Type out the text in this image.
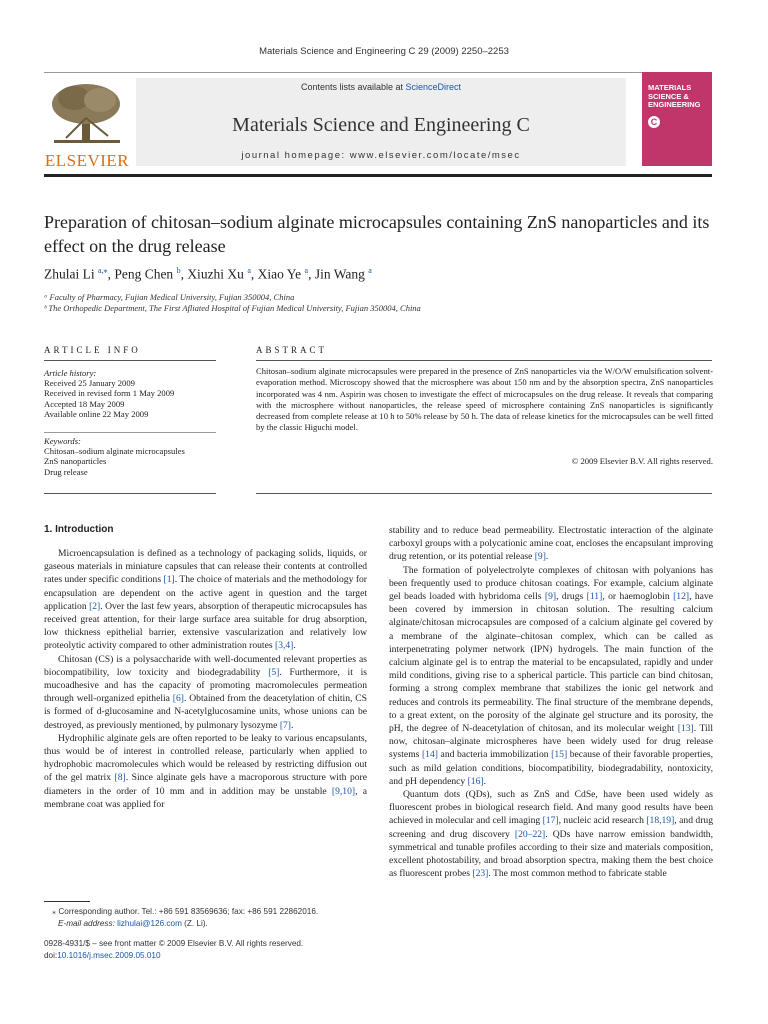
Materials Science and Engineering C 29 (2009) 2250–2253
ELSEVIER
Contents lists available at ScienceDirect
Materials Science and Engineering C
journal homepage: www.elsevier.com/locate/msec
MATERIALS SCIENCE & ENGINEERING
C
Preparation of chitosan–sodium alginate microcapsules containing ZnS nanoparticles and its effect on the drug release
Zhulai Li $^{a,⁎}$, Peng Chen $^b$, Xiuzhi Xu $^a$, Xiao Ye $^a$, Jin Wang $^a$
ᵃ Faculty of Pharmacy, Fujian Medical University, Fujian 350004, China
ᵇ The Orthopedic Department, The First Afliated Hospital of Fujian Medical University, Fujian 350004, China
ARTICLE INFO	ABSTRACT
Article history:
Received 25 January 2009
Received in revised form 1 May 2009
Accepted 18 May 2009
Available online 22 May 2009
Keywords:
Chitosan–sodium alginate microcapsules
ZnS nanoparticles
Drug release
Chitosan–sodium alginate microcapsules were prepared in the presence of ZnS nanoparticles via the W/O/W emulsification solvent-evaporation method. Microscopy showed that the microsphere was about 150 nm and by the absorption spectra, ZnS nanoparticles incorporated was 4 nm. Aspirin was chosen to investigate the effect of microcapsules on the drug release. It reveals that comparing with the microsphere without nanoparticles, the release speed of microsphere containing ZnS nanoparticles is significantly decreased from complete release at 10 h to 50% release by 50 h. The data of release kinetics for the microcapsules can be well fitted by the classic Higuchi model.
© 2009 Elsevier B.V. All rights reserved.
1. Introduction

Microencapsulation is defined as a technology of packaging solids, liquids, or gaseous materials in miniature capsules that can release their contents at controlled rates under specific conditions [1]. The choice of materials and the methodology for encapsulation are dependent on the active agent in question and the target application [2]. Over the last few years, absorption of therapeutic microcapsules has received great attention, for their large surface area suitable for drug absorption, low thickness epithelial barrier, extensive vascularization and relatively low proteolytic activity compared to other administration routes [3,4].

Chitosan (CS) is a polysaccharide with well-documented relevant properties as biocompatibility, low toxicity and biodegradability [5]. Furthermore, it is mucoadhesive and has the capacity of promoting macromolecules permeation through well-organized epithelia [6]. Obtained from the deacetylation of chitin, CS is formed of d-glucosamine and N-acetylglucosamine units, whose unions can be destroyed, as previously mentioned, by pulmonary lysozyme [7].

Hydrophilic alginate gels are often reported to be leaky to various encapsulants, thus would be of interest in controlled release, particularly when applied to hydrophobic macromolecules which would be released by restricting diffusion out of the gel matrix [8]. Since alginate gels have a macroporous structure with pore diameters in the order of 10 mm and in addition may be unstable [9,10], a membrane coat was applied for

stability and to reduce bead permeability. Electrostatic interaction of the alginate carboxyl groups with a polycationic amine coat, encloses the encapsulant improving drug retention, or its potential release [9].

The formation of polyelectrolyte complexes of chitosan with polyanions has been frequently used to produce chitosan coatings. For example, calcium alginate gel beads loaded with hybridoma cells [9], drugs [11], or haemoglobin [12], have been covered by immersion in chitosan solution. The resulting calcium alginate/chitosan microcapsules are composed of a calcium alginate gel covered by a membrane of the alginate–chitosan complex, which can be called as interpenetrating polymer network (IPN) hydrogels. The main function of the calcium alginate gel is to entrap the material to be encapsulated, rapidly and under mild conditions, giving rise to a spherical particle. This particle can bind chitosan, forming a strong complex membrane that stabilizes the ionic gel network and reduces and controls its permeability. The final structure of the membrane depends, to a great extent, on the porosity of the alginate gel structure and its porosity, the pH, the degree of N-deacetylation of chitosan, and its molecular weight [13]. Till now, chitosan–alginate microspheres have been widely used for drug release systems [14] and bacteria immobilization [15] because of their favorable properties, such as mild gelation conditions, biocompatibility, biodegradability, nontoxicity, and pH dependency [16].

Quantum dots (QDs), such as ZnS and CdSe, have been used widely as fluorescent probes in biological research field. And many good results have been achieved in molecular and cell imaging [17], nucleic acid research [18,19], and drug screening and drug discovery [20–22]. QDs have narrow emission bandwidth, symmetrical and tunable profiles according to their size and materials composition, excellent photostability, and broad absorption spectra, making them the best choice as fluorescent probes [23]. The most common method to fabricate stable

⁎ Corresponding author. Tel.: +86 591 83569636; fax: +86 591 22862016.
E-mail address: lizhulai@126.com (Z. Li).
0928-4931/$ – see front matter © 2009 Elsevier B.V. All rights reserved.
doi:10.1016/j.msec.2009.05.010
